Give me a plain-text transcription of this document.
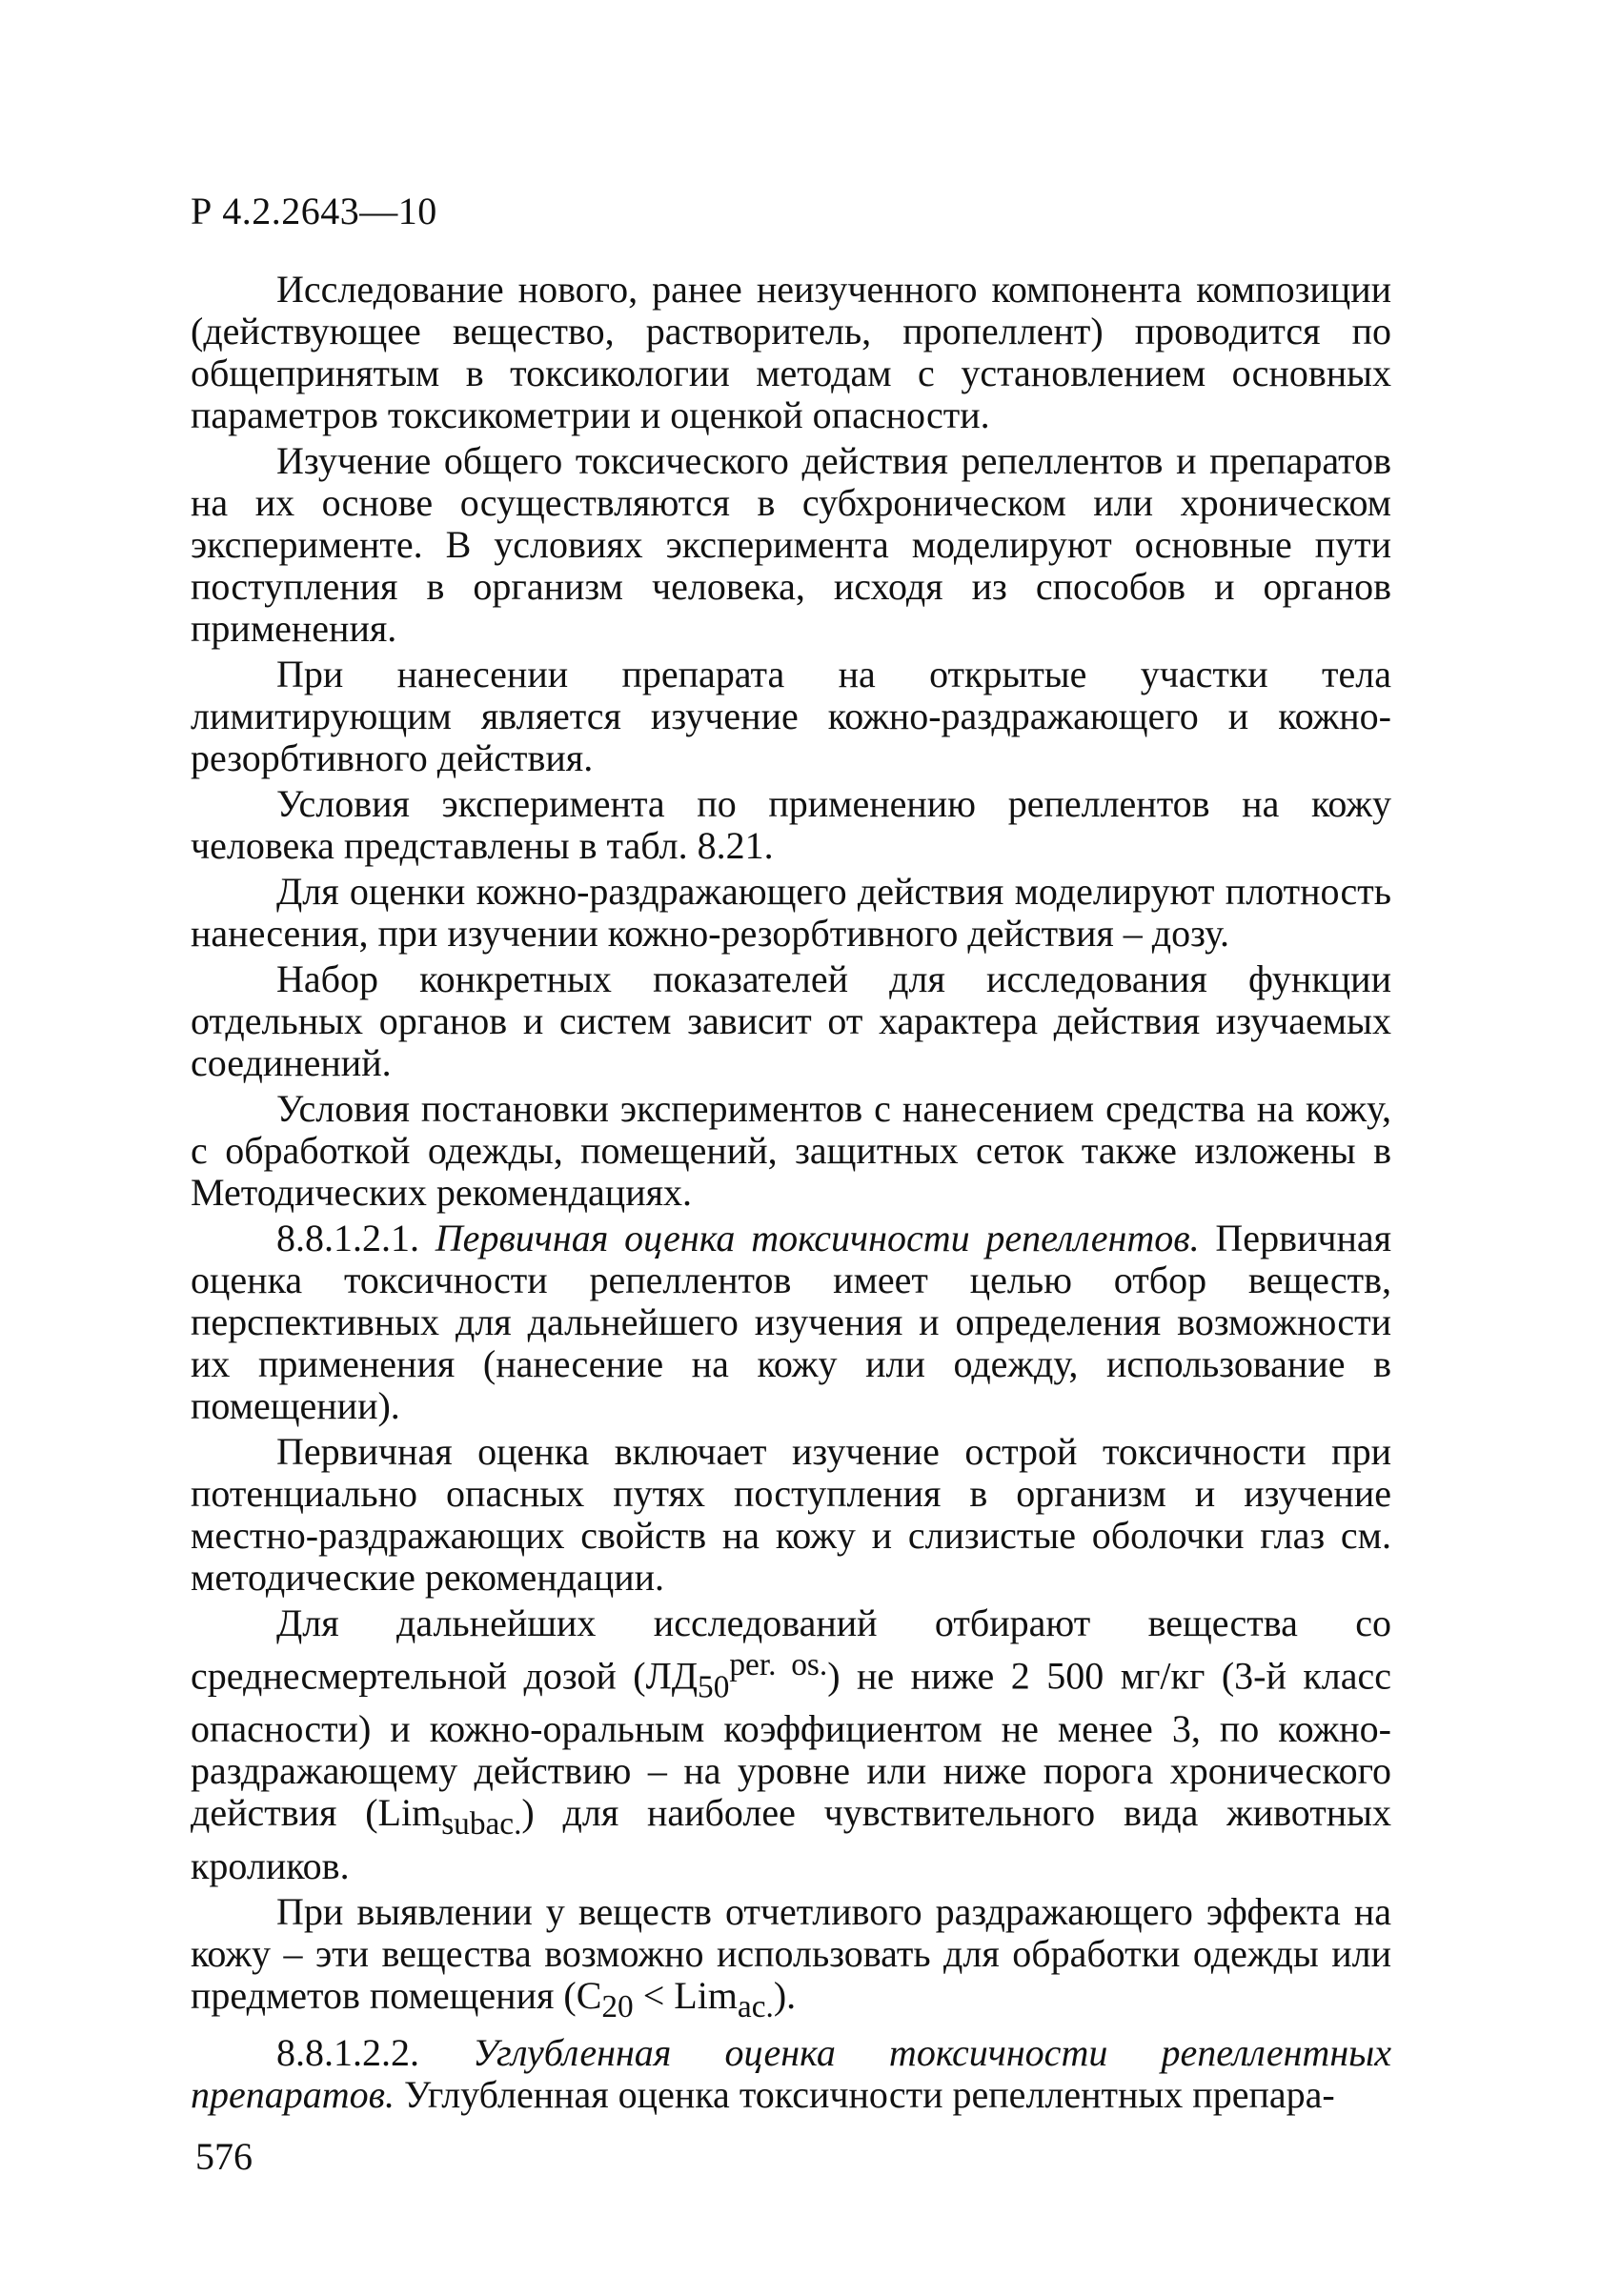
Р 4.2.2643—10

Исследование нового, ранее неизученного компонента композиции (действующее вещество, растворитель, пропеллент) проводится по общепринятым в токсикологии методам с установлением основных параметров токсикометрии и оценкой опасности.

Изучение общего токсического действия репеллентов и препаратов на их основе осуществляются в субхроническом или хроническом эксперименте. В условиях эксперимента моделируют основные пути поступления в организм человека, исходя из способов и органов применения.

При нанесении препарата на открытые участки тела лимитирующим является изучение кожно-раздражающего и кожно-резорбтивного действия.

Условия эксперимента по применению репеллентов на кожу человека представлены в табл. 8.21.

Для оценки кожно-раздражающего действия моделируют плотность нанесения, при изучении кожно-резорбтивного действия – дозу.

Набор конкретных показателей для исследования функции отдельных органов и систем зависит от характера действия изучаемых соединений.

Условия постановки экспериментов с нанесением средства на кожу, с обработкой одежды, помещений, защитных сеток также изложены в Методических рекомендациях.

8.8.1.2.1. Первичная оценка токсичности репеллентов. Первичная оценка токсичности репеллентов имеет целью отбор веществ, перспективных для дальнейшего изучения и определения возможности их применения (нанесение на кожу или одежду, использование в помещении).

Первичная оценка включает изучение острой токсичности при потенциально опасных путях поступления в организм и изучение местно-раздражающих свойств на кожу и слизистые оболочки глаз см. методические рекомендации.

Для дальнейших исследований отбирают вещества со среднесмертельной дозой $(ЛД_{50}^{per. os.})$ не ниже 2 500 мг/кг (3-й класс опасности) и кожно-оральным коэффициентом не менее 3, по кожно-раздражающему действию – на уровне или ниже порога хронического действия (Lim$_{subac.}$) для наиболее чувствительного вида животных кроликов.

При выявлении у веществ отчетливого раздражающего эффекта на кожу – эти вещества возможно использовать для обработки одежды или предметов помещения $(C_{20} < Lim_{ac.})$.

8.8.1.2.2. Углубленная оценка токсичности репеллентных препаратов. Углубленная оценка токсичности репеллентных препара-

576
